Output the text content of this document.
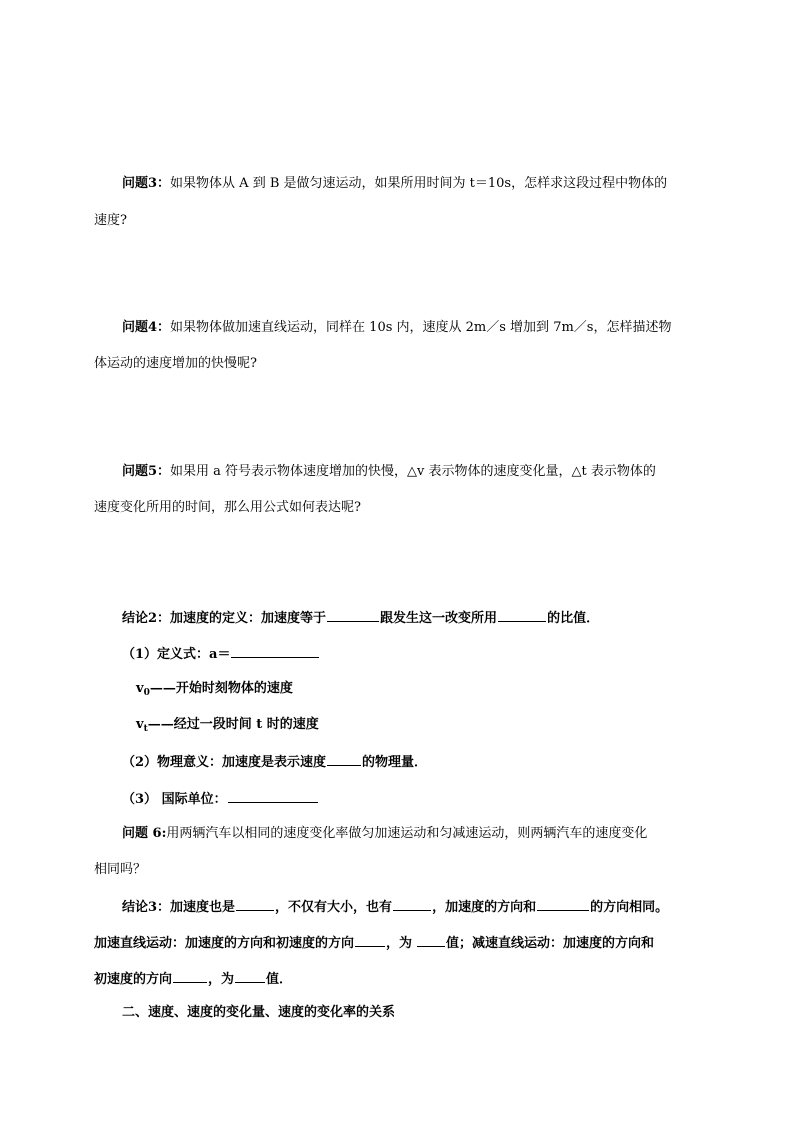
问题3：如果物体从 A 到 B 是做匀速运动，如果所用时间为 t＝10s，怎样求这段过程中物体的
速度?
问题4：如果物体做加速直线运动，同样在 10s 内，速度从 2m／s 增加到 7m／s，怎样描述物
体运动的速度增加的快慢呢?
问题5：如果用 a 符号表示物体速度增加的快慢，△v 表示物体的速度变化量，△t 表示物体的
速度变化所用的时间，那么用公式如何表达呢?
结论2：加速度的定义：加速度等于	跟发生这一改变所用	的比值．
（1）定义式：a＝
$v_0——$开始时刻物体的速度
$v_t——$经过一段时间 t 时的速度
（2）物理意义：加速度是表示速度	的物理量．
（3） 国际单位：
问题 6:用两辆汽车以相同的速度变化率做匀加速运动和匀减速运动，则两辆汽车的速度变化
相同吗？
结论3：加速度也是	，不仅有大小，也有	，加速度的方向和	的方向相同。
加速直线运动：加速度的方向和初速度的方向 ，为	值；减速直线运动：加速度的方向和
初速度的方向	，为 值．
二、速度、速度的变化量、速度的变化率的关系
